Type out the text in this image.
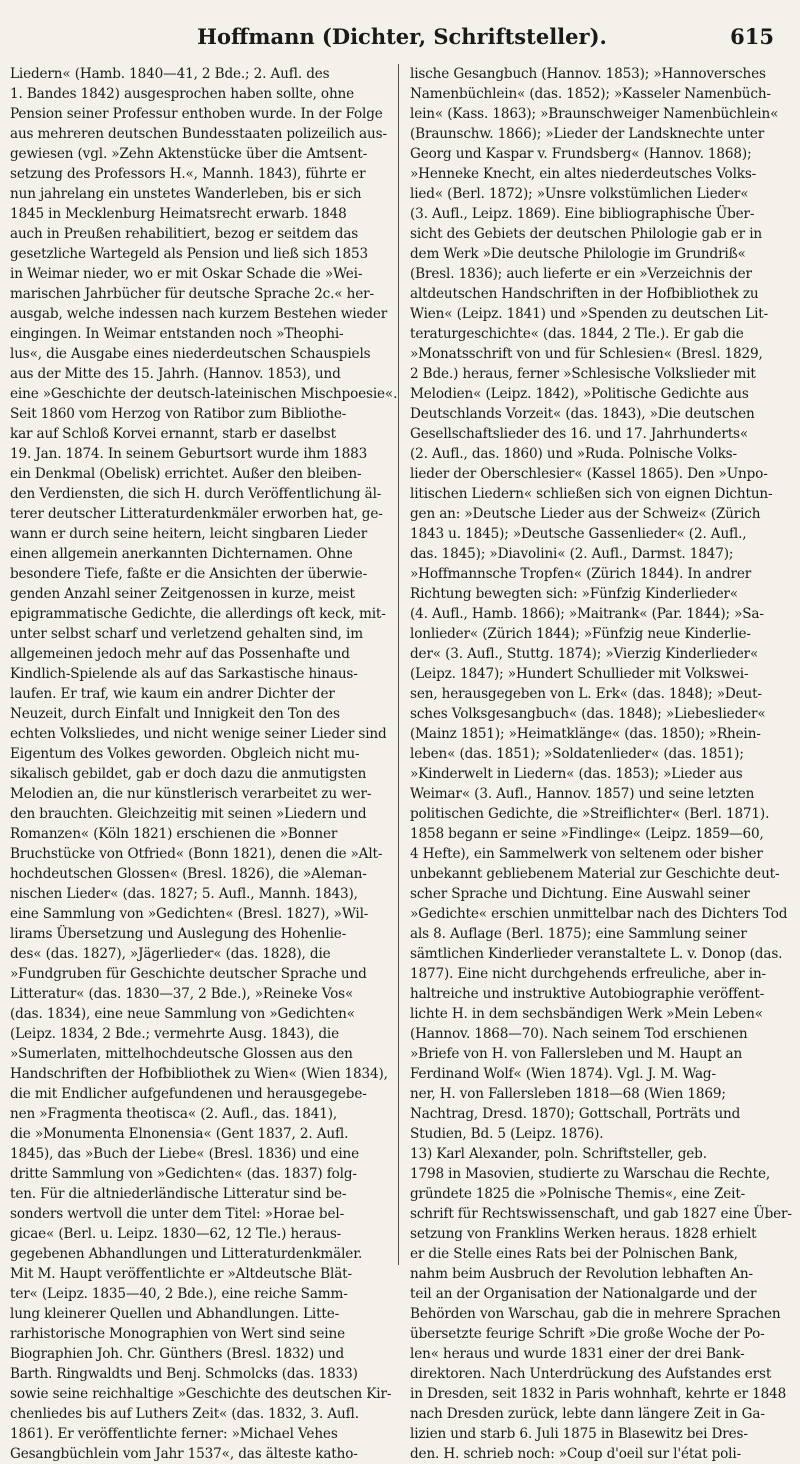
Hoffmann (Dichter, Schriftsteller).	615
Liedern« (Hamb. 1840—41, 2 Bde.; 2. Aufl. des
1. Bandes 1842) ausgesprochen haben sollte, ohne
Pension seiner Professur enthoben wurde. In der Folge
aus mehreren deutschen Bundesstaaten polizeilich aus-
gewiesen (vgl. »Zehn Aktenstücke über die Amtsent-
setzung des Professors H.«, Mannh. 1843), führte er
nun jahrelang ein unstetes Wanderleben, bis er sich
1845 in Mecklenburg Heimatsrecht erwarb. 1848
auch in Preußen rehabilitiert, bezog er seitdem das
gesetzliche Wartegeld als Pension und ließ sich 1853
in Weimar nieder, wo er mit Oskar Schade die »Wei-
marischen Jahrbücher für deutsche Sprache 2c.« her-
ausgab, welche indessen nach kurzem Bestehen wieder
eingingen. In Weimar entstanden noch »Theophi-
lus«, die Ausgabe eines niederdeutschen Schauspiels
aus der Mitte des 15. Jahrh. (Hannov. 1853), und
eine »Geschichte der deutsch-lateinischen Mischpoesie«.
Seit 1860 vom Herzog von Ratibor zum Bibliothe-
kar auf Schloß Korvei ernannt, starb er daselbst
19. Jan. 1874. In seinem Geburtsort wurde ihm 1883
ein Denkmal (Obelisk) errichtet. Außer den bleiben-
den Verdiensten, die sich H. durch Veröffentlichung äl-
terer deutscher Litteraturdenkmäler erworben hat, ge-
wann er durch seine heitern, leicht singbaren Lieder
einen allgemein anerkannten Dichternamen. Ohne
besondere Tiefe, faßte er die Ansichten der überwie-
genden Anzahl seiner Zeitgenossen in kurze, meist
epigrammatische Gedichte, die allerdings oft keck, mit-
unter selbst scharf und verletzend gehalten sind, im
allgemeinen jedoch mehr auf das Possenhafte und
Kindlich-Spielende als auf das Sarkastische hinaus-
laufen. Er traf, wie kaum ein andrer Dichter der
Neuzeit, durch Einfalt und Innigkeit den Ton des
echten Volksliedes, und nicht wenige seiner Lieder sind
Eigentum des Volkes geworden. Obgleich nicht mu-
sikalisch gebildet, gab er doch dazu die anmutigsten
Melodien an, die nur künstlerisch verarbeitet zu wer-
den brauchten. Gleichzeitig mit seinen »Liedern und
Romanzen« (Köln 1821) erschienen die »Bonner
Bruchstücke von Otfried« (Bonn 1821), denen die »Alt-
hochdeutschen Glossen« (Bresl. 1826), die »Aleman-
nischen Lieder« (das. 1827; 5. Aufl., Mannh. 1843),
eine Sammlung von »Gedichten« (Bresl. 1827), »Wil-
lirams Übersetzung und Auslegung des Hohenlie-
des« (das. 1827), »Jägerlieder« (das. 1828), die
»Fundgruben für Geschichte deutscher Sprache und
Litteratur« (das. 1830—37, 2 Bde.), »Reineke Vos«
(das. 1834), eine neue Sammlung von »Gedichten«
(Leipz. 1834, 2 Bde.; vermehrte Ausg. 1843), die
»Sumerlaten, mittelhochdeutsche Glossen aus den
Handschriften der Hofbibliothek zu Wien« (Wien 1834),
die mit Endlicher aufgefundenen und herausgegebe-
nen »Fragmenta theotisca« (2. Aufl., das. 1841),
die »Monumenta Elnonensia« (Gent 1837, 2. Aufl.
1845), das »Buch der Liebe« (Bresl. 1836) und eine
dritte Sammlung von »Gedichten« (das. 1837) folg-
ten. Für die altniederländische Litteratur sind be-
sonders wertvoll die unter dem Titel: »Horae bel-
gicae« (Berl. u. Leipz. 1830—62, 12 Tle.) heraus-
gegebenen Abhandlungen und Litteraturdenkmäler.
Mit M. Haupt veröffentlichte er »Altdeutsche Blät-
ter« (Leipz. 1835—40, 2 Bde.), eine reiche Samm-
lung kleinerer Quellen und Abhandlungen. Litte-
rarhistorische Monographien von Wert sind seine
Biographien Joh. Chr. Günthers (Bresl. 1832) und
Barth. Ringwaldts und Benj. Schmolcks (das. 1833)
sowie seine reichhaltige »Geschichte des deutschen Kir-
chenliedes bis auf Luthers Zeit« (das. 1832, 3. Aufl.
1861). Er veröffentlichte ferner: »Michael Vehes
Gesangbüchlein vom Jahr 1537«, das älteste katho-
lische Gesangbuch (Hannov. 1853); »Hannoversches
Namenbüchlein« (das. 1852); »Kasseler Namenbüch-
lein« (Kass. 1863); »Braunschweiger Namenbüchlein«
(Braunschw. 1866); »Lieder der Landsknechte unter
Georg und Kaspar v. Frundsberg« (Hannov. 1868);
»Henneke Knecht, ein altes niederdeutsches Volks-
lied« (Berl. 1872); »Unsre volkstümlichen Lieder«
(3. Aufl., Leipz. 1869). Eine bibliographische Über-
sicht des Gebiets der deutschen Philologie gab er in
dem Werk »Die deutsche Philologie im Grundriß«
(Bresl. 1836); auch lieferte er ein »Verzeichnis der
altdeutschen Handschriften in der Hofbibliothek zu
Wien« (Leipz. 1841) und »Spenden zu deutschen Lit-
teraturgeschichte« (das. 1844, 2 Tle.). Er gab die
»Monatsschrift von und für Schlesien« (Bresl. 1829,
2 Bde.) heraus, ferner »Schlesische Volkslieder mit
Melodien« (Leipz. 1842), »Politische Gedichte aus
Deutschlands Vorzeit« (das. 1843), »Die deutschen
Gesellschaftslieder des 16. und 17. Jahrhunderts«
(2. Aufl., das. 1860) und »Ruda. Polnische Volks-
lieder der Oberschlesier« (Kassel 1865). Den »Unpo-
litischen Liedern« schließen sich von eignen Dichtun-
gen an: »Deutsche Lieder aus der Schweiz« (Zürich
1843 u. 1845); »Deutsche Gassenlieder« (2. Aufl.,
das. 1845); »Diavolini« (2. Aufl., Darmst. 1847);
»Hoffmannsche Tropfen« (Zürich 1844). In andrer
Richtung bewegten sich: »Fünfzig Kinderlieder«
(4. Aufl., Hamb. 1866); »Maitrank« (Par. 1844); »Sa-
lonlieder« (Zürich 1844); »Fünfzig neue Kinderlie-
der« (3. Aufl., Stuttg. 1874); »Vierzig Kinderlieder«
(Leipz. 1847); »Hundert Schullieder mit Volkswei-
sen, herausgegeben von L. Erk« (das. 1848); »Deut-
sches Volksgesangbuch« (das. 1848); »Liebeslieder«
(Mainz 1851); »Heimatklänge« (das. 1850); »Rhein-
leben« (das. 1851); »Soldatenlieder« (das. 1851);
»Kinderwelt in Liedern« (das. 1853); »Lieder aus
Weimar« (3. Aufl., Hannov. 1857) und seine letzten
politischen Gedichte, die »Streiflichter« (Berl. 1871).
1858 begann er seine »Findlinge« (Leipz. 1859—60,
4 Hefte), ein Sammelwerk von seltenem oder bisher
unbekannt gebliebenem Material zur Geschichte deut-
scher Sprache und Dichtung. Eine Auswahl seiner
»Gedichte« erschien unmittelbar nach des Dichters Tod
als 8. Auflage (Berl. 1875); eine Sammlung seiner
sämtlichen Kinderlieder veranstaltete L. v. Donop (das.
1877). Eine nicht durchgehends erfreuliche, aber in-
haltreiche und instruktive Autobiographie veröffent-
lichte H. in dem sechsbändigen Werk »Mein Leben«
(Hannov. 1868—70). Nach seinem Tod erschienen
»Briefe von H. von Fallersleben und M. Haupt an
Ferdinand Wolf« (Wien 1874). Vgl. J. M. Wag-
ner, H. von Fallersleben 1818—68 (Wien 1869;
Nachtrag, Dresd. 1870); Gottschall, Porträts und
Studien, Bd. 5 (Leipz. 1876).
13) Karl Alexander, poln. Schriftsteller, geb.
1798 in Masovien, studierte zu Warschau die Rechte,
gründete 1825 die »Polnische Themis«, eine Zeit-
schrift für Rechtswissenschaft, und gab 1827 eine Über-
setzung von Franklins Werken heraus. 1828 erhielt
er die Stelle eines Rats bei der Polnischen Bank,
nahm beim Ausbruch der Revolution lebhaften An-
teil an der Organisation der Nationalgarde und der
Behörden von Warschau, gab die in mehrere Sprachen
übersetzte feurige Schrift »Die große Woche der Po-
len« heraus und wurde 1831 einer der drei Bank-
direktoren. Nach Unterdrückung des Aufstandes erst
in Dresden, seit 1832 in Paris wohnhaft, kehrte er 1848
nach Dresden zurück, lebte dann längere Zeit in Ga-
lizien und starb 6. Juli 1875 in Blasewitz bei Dres-
den. H. schrieb noch: »Coup d'oeil sur l'état poli-
